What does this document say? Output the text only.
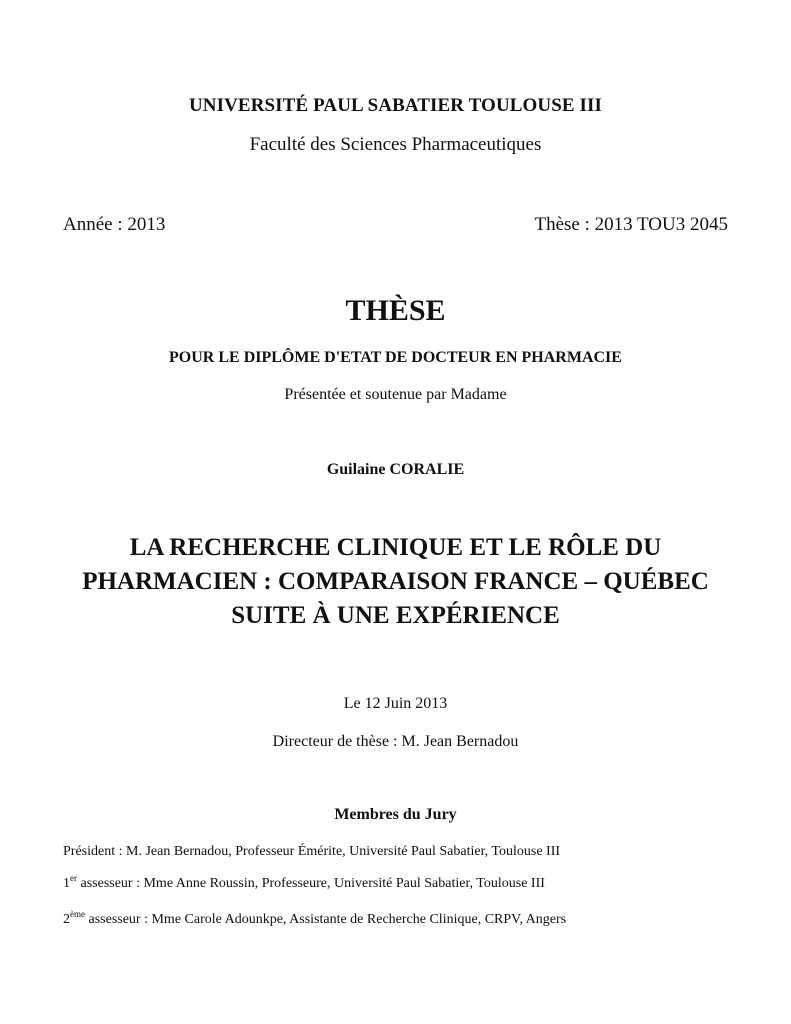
UNIVERSITÉ PAUL SABATIER TOULOUSE III
Faculté des Sciences Pharmaceutiques
Année : 2013	Thèse : 2013 TOU3 2045
THÈSE
POUR LE DIPLÔME D'ETAT DE DOCTEUR EN PHARMACIE
Présentée et soutenue par Madame
Guilaine CORALIE
LA RECHERCHE CLINIQUE ET LE RÔLE DU
PHARMACIEN : COMPARAISON FRANCE – QUÉBEC
SUITE À UNE EXPÉRIENCE
Le 12 Juin 2013
Directeur de thèse : M. Jean Bernadou
Membres du Jury
Président : M. Jean Bernadou, Professeur Émérite, Université Paul Sabatier, Toulouse III
1er assesseur : Mme Anne Roussin, Professeure, Université Paul Sabatier, Toulouse III
2ème assesseur : Mme Carole Adounkpe, Assistante de Recherche Clinique, CRPV, Angers
